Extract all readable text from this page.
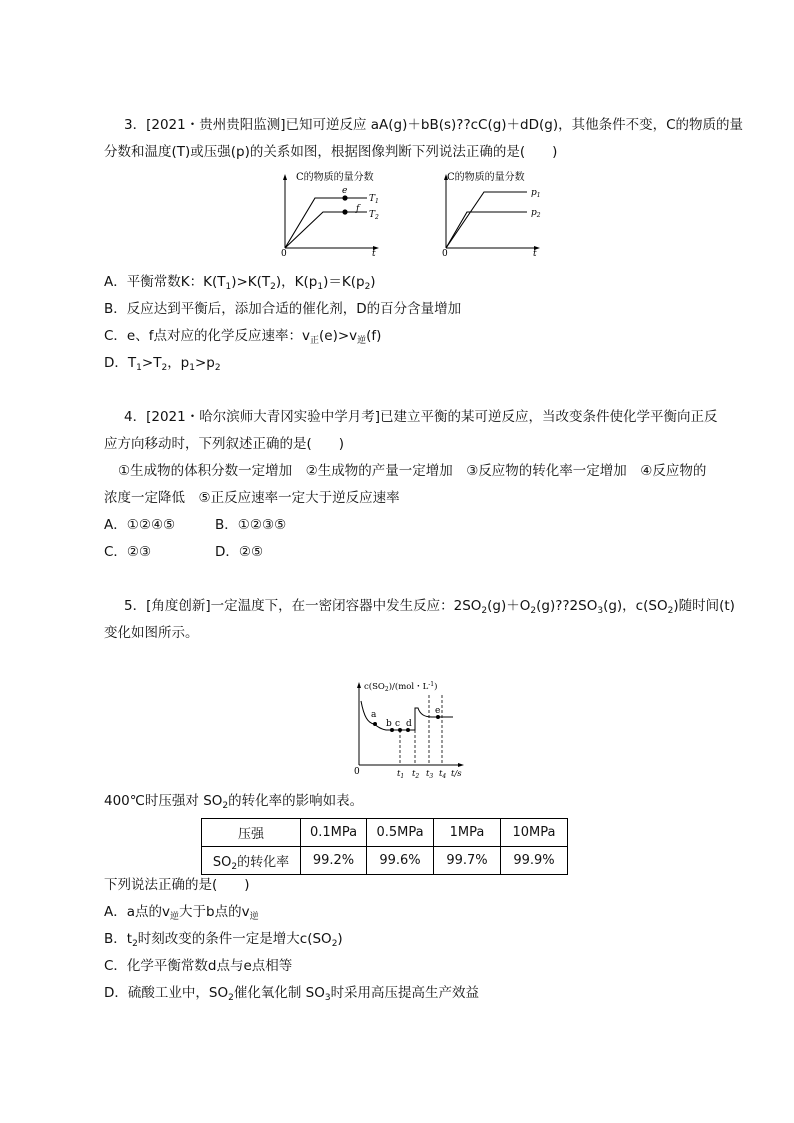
3．[2021・贵州贵阳监测]已知可逆反应 aA(g)＋bB(s)??cC(g)＋dD(g)，其他条件不变，C的物质的量
分数和温度(T)或压强(p)的关系如图，根据图像判断下列说法正确的是(　　)
C的物质的量分数
e
f
$T_1$
$T_2$
0	t
C的物质的量分数
$p_1$
$p_2$
0	t
A．平衡常数K：$K(T_1)>K(T_2)$，$K(p_1)=K(p_2)$
B．反应达到平衡后，添加合适的催化剂，D的百分含量增加
C．e、f点对应的化学反应速率：$v_正(e)>v_逆(f)$
D．$T_1>T_2$，$p_1>p_2$
4．[2021・哈尔滨师大青冈实验中学月考]已建立平衡的某可逆反应，当改变条件使化学平衡向正反
应方向移动时，下列叙述正确的是(　　)
①生成物的体积分数一定增加　②生成物的产量一定增加　③反应物的转化率一定增加　④反应物的
浓度一定降低　⑤正反应速率一定大于逆反应速率
A．①②④⑤	B．①②③⑤
C．②③	D．②⑤
5．[角度创新]一定温度下，在一密闭容器中发生反应：$2SO_2(g)+O_2(g)??2SO_3(g)$，$c(SO_2)$随时间(t)
变化如图所示。
$c(SO_2)/(mol$・$L^{-1}$)
a
b c d
e
$t_1$ $t_2$ $t_3$ $t_4$ t/s
0
400℃时压强对 $SO_2$的转化率的影响如表。
压强	0.1MPa	0.5MPa	1MPa	10MPa
$SO_2$的转化率	99.2%	99.6%	99.7%	99.9%
下列说法正确的是(　　)
A．a点的$v_逆$大于b点的$v_逆$
B．$t_2$时刻改变的条件一定是增大$c(SO_2)$
C．化学平衡常数d点与e点相等
D．硫酸工业中，$SO_2$催化氧化制 $SO_3$时采用高压提高生产效益
